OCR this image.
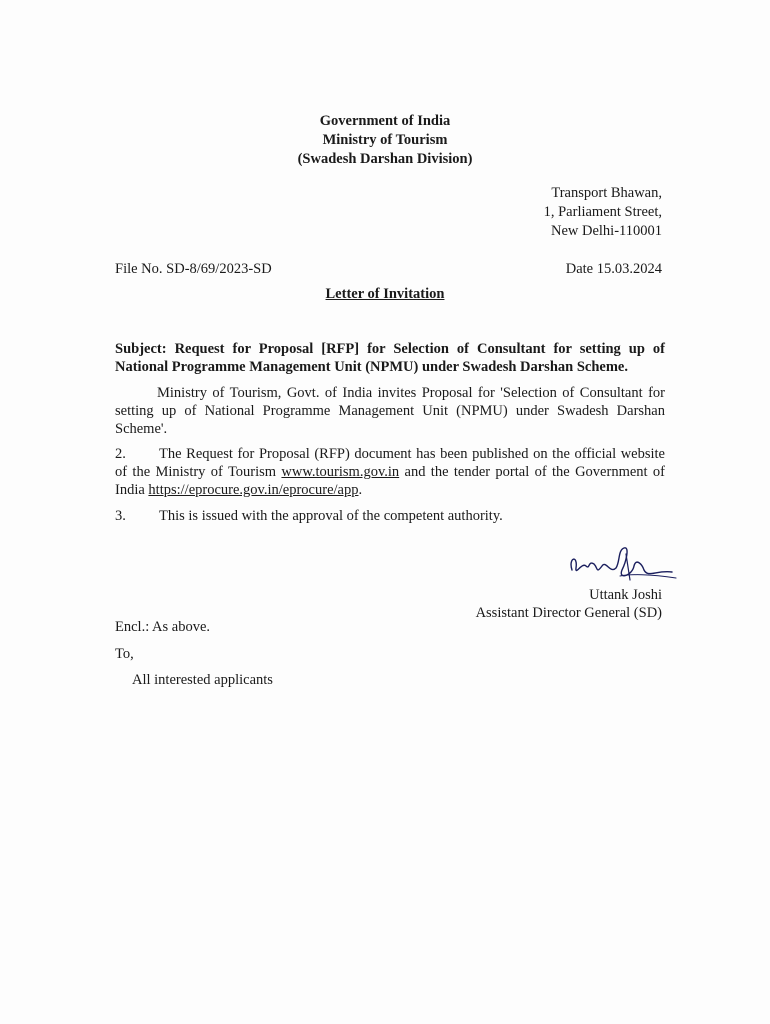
Government of India
Ministry of Tourism
(Swadesh Darshan Division)
Transport Bhawan,
1, Parliament Street,
New Delhi-110001
File No. SD-8/69/2023-SD	Date 15.03.2024
Letter of Invitation
Subject: Request for Proposal [RFP] for Selection of Consultant for setting up of National Programme Management Unit (NPMU) under Swadesh Darshan Scheme.
Ministry of Tourism, Govt. of India invites Proposal for 'Selection of Consultant for setting up of National Programme Management Unit (NPMU) under Swadesh Darshan Scheme'.
2. The Request for Proposal (RFP) document has been published on the official website of the Ministry of Tourism www.tourism.gov.in and the tender portal of the Government of India https://eprocure.gov.in/eprocure/app.
3. This is issued with the approval of the competent authority.
Uttank Joshi
Assistant Director General (SD)
Encl.: As above.
To,
All interested applicants
